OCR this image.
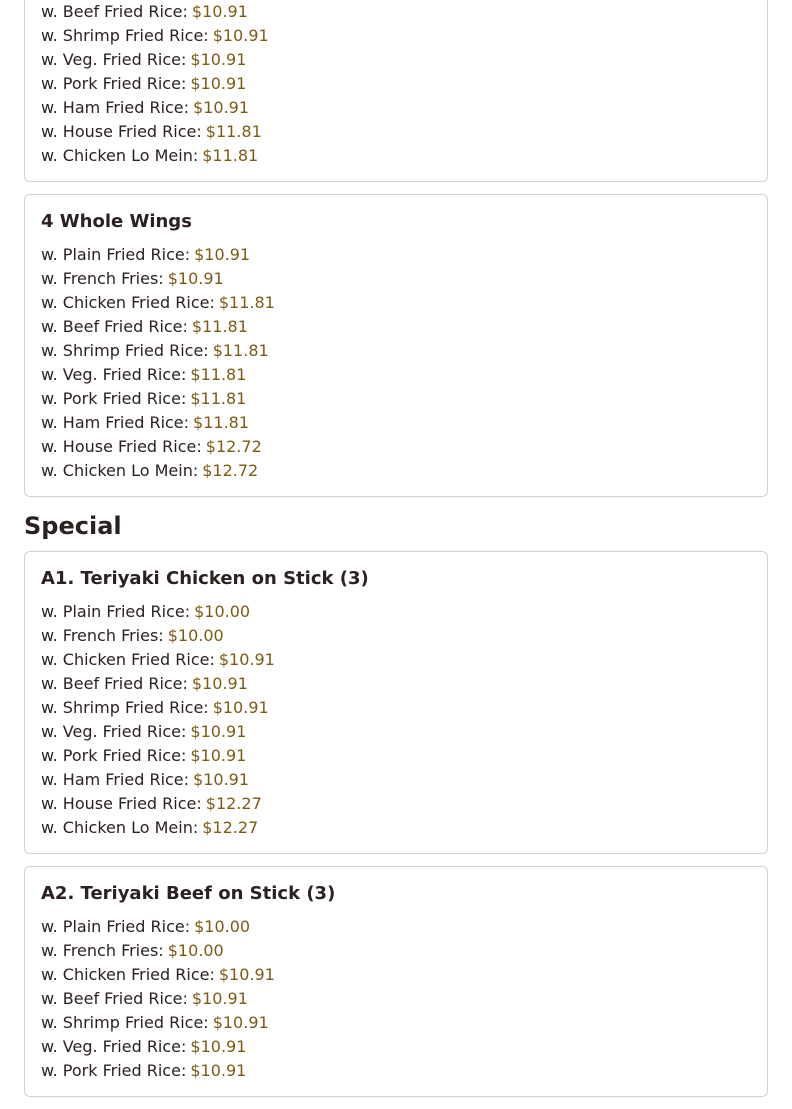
w. Beef Fried Rice: $10.91
w. Shrimp Fried Rice: $10.91
w. Veg. Fried Rice: $10.91
w. Pork Fried Rice: $10.91
w. Ham Fried Rice: $10.91
w. House Fried Rice: $11.81
w. Chicken Lo Mein: $11.81
4 Whole Wings
w. Plain Fried Rice: $10.91
w. French Fries: $10.91
w. Chicken Fried Rice: $11.81
w. Beef Fried Rice: $11.81
w. Shrimp Fried Rice: $11.81
w. Veg. Fried Rice: $11.81
w. Pork Fried Rice: $11.81
w. Ham Fried Rice: $11.81
w. House Fried Rice: $12.72
w. Chicken Lo Mein: $12.72
Special
A1. Teriyaki Chicken on Stick (3)
w. Plain Fried Rice: $10.00
w. French Fries: $10.00
w. Chicken Fried Rice: $10.91
w. Beef Fried Rice: $10.91
w. Shrimp Fried Rice: $10.91
w. Veg. Fried Rice: $10.91
w. Pork Fried Rice: $10.91
w. Ham Fried Rice: $10.91
w. House Fried Rice: $12.27
w. Chicken Lo Mein: $12.27
A2. Teriyaki Beef on Stick (3)
w. Plain Fried Rice: $10.00
w. French Fries: $10.00
w. Chicken Fried Rice: $10.91
w. Beef Fried Rice: $10.91
w. Shrimp Fried Rice: $10.91
w. Veg. Fried Rice: $10.91
w. Pork Fried Rice: $10.91
